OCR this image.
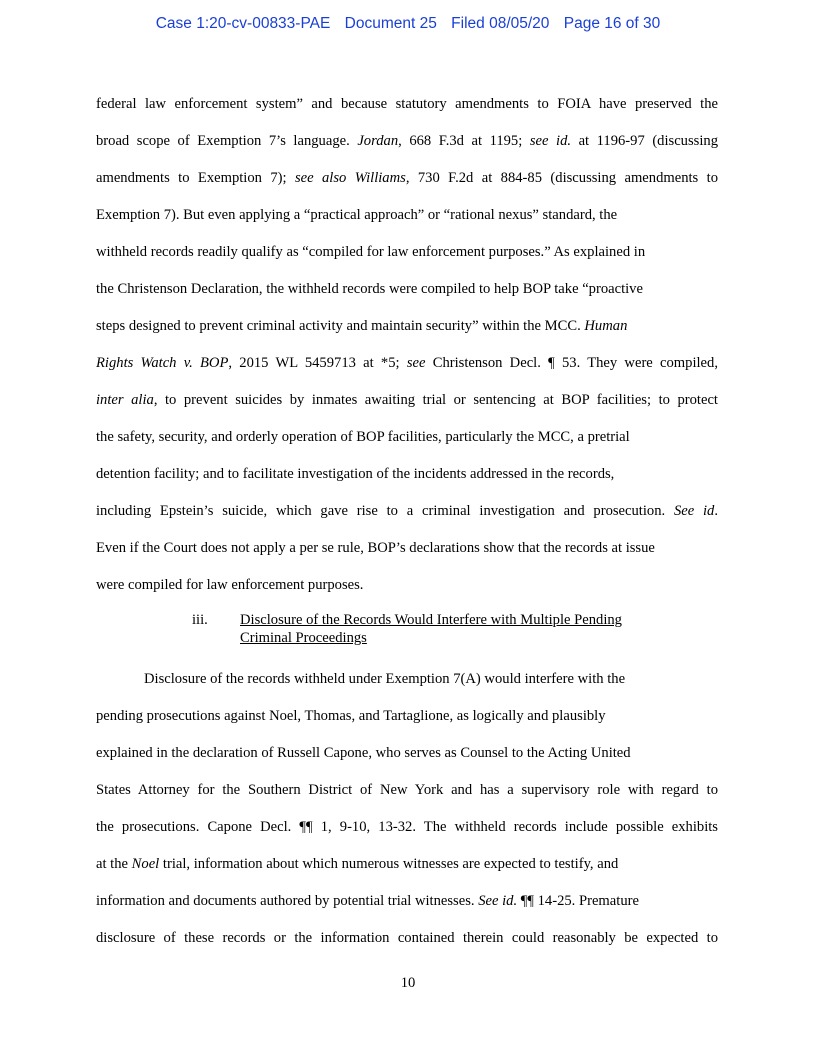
Case 1:20-cv-00833-PAE Document 25 Filed 08/05/20 Page 16 of 30
federal law enforcement system” and because statutory amendments to FOIA have preserved the
broad scope of Exemption 7’s language. Jordan, 668 F.3d at 1195; see id. at 1196-97 (discussing
amendments to Exemption 7); see also Williams, 730 F.2d at 884-85 (discussing amendments to
Exemption 7). But even applying a “practical approach” or “rational nexus” standard, the
withheld records readily qualify as “compiled for law enforcement purposes.” As explained in
the Christenson Declaration, the withheld records were compiled to help BOP take “proactive
steps designed to prevent criminal activity and maintain security” within the MCC. Human
Rights Watch v. BOP, 2015 WL 5459713 at *5; see Christenson Decl. ¶ 53. They were compiled,
inter alia, to prevent suicides by inmates awaiting trial or sentencing at BOP facilities; to protect
the safety, security, and orderly operation of BOP facilities, particularly the MCC, a pretrial
detention facility; and to facilitate investigation of the incidents addressed in the records,
including Epstein’s suicide, which gave rise to a criminal investigation and prosecution. See id.
Even if the Court does not apply a per se rule, BOP’s declarations show that the records at issue
were compiled for law enforcement purposes.
iii. Disclosure of the Records Would Interfere with Multiple Pending
Criminal Proceedings
Disclosure of the records withheld under Exemption 7(A) would interfere with the
pending prosecutions against Noel, Thomas, and Tartaglione, as logically and plausibly
explained in the declaration of Russell Capone, who serves as Counsel to the Acting United
States Attorney for the Southern District of New York and has a supervisory role with regard to
the prosecutions. Capone Decl. ¶¶ 1, 9-10, 13-32. The withheld records include possible exhibits
at the Noel trial, information about which numerous witnesses are expected to testify, and
information and documents authored by potential trial witnesses. See id. ¶¶ 14-25. Premature
disclosure of these records or the information contained therein could reasonably be expected to
10
